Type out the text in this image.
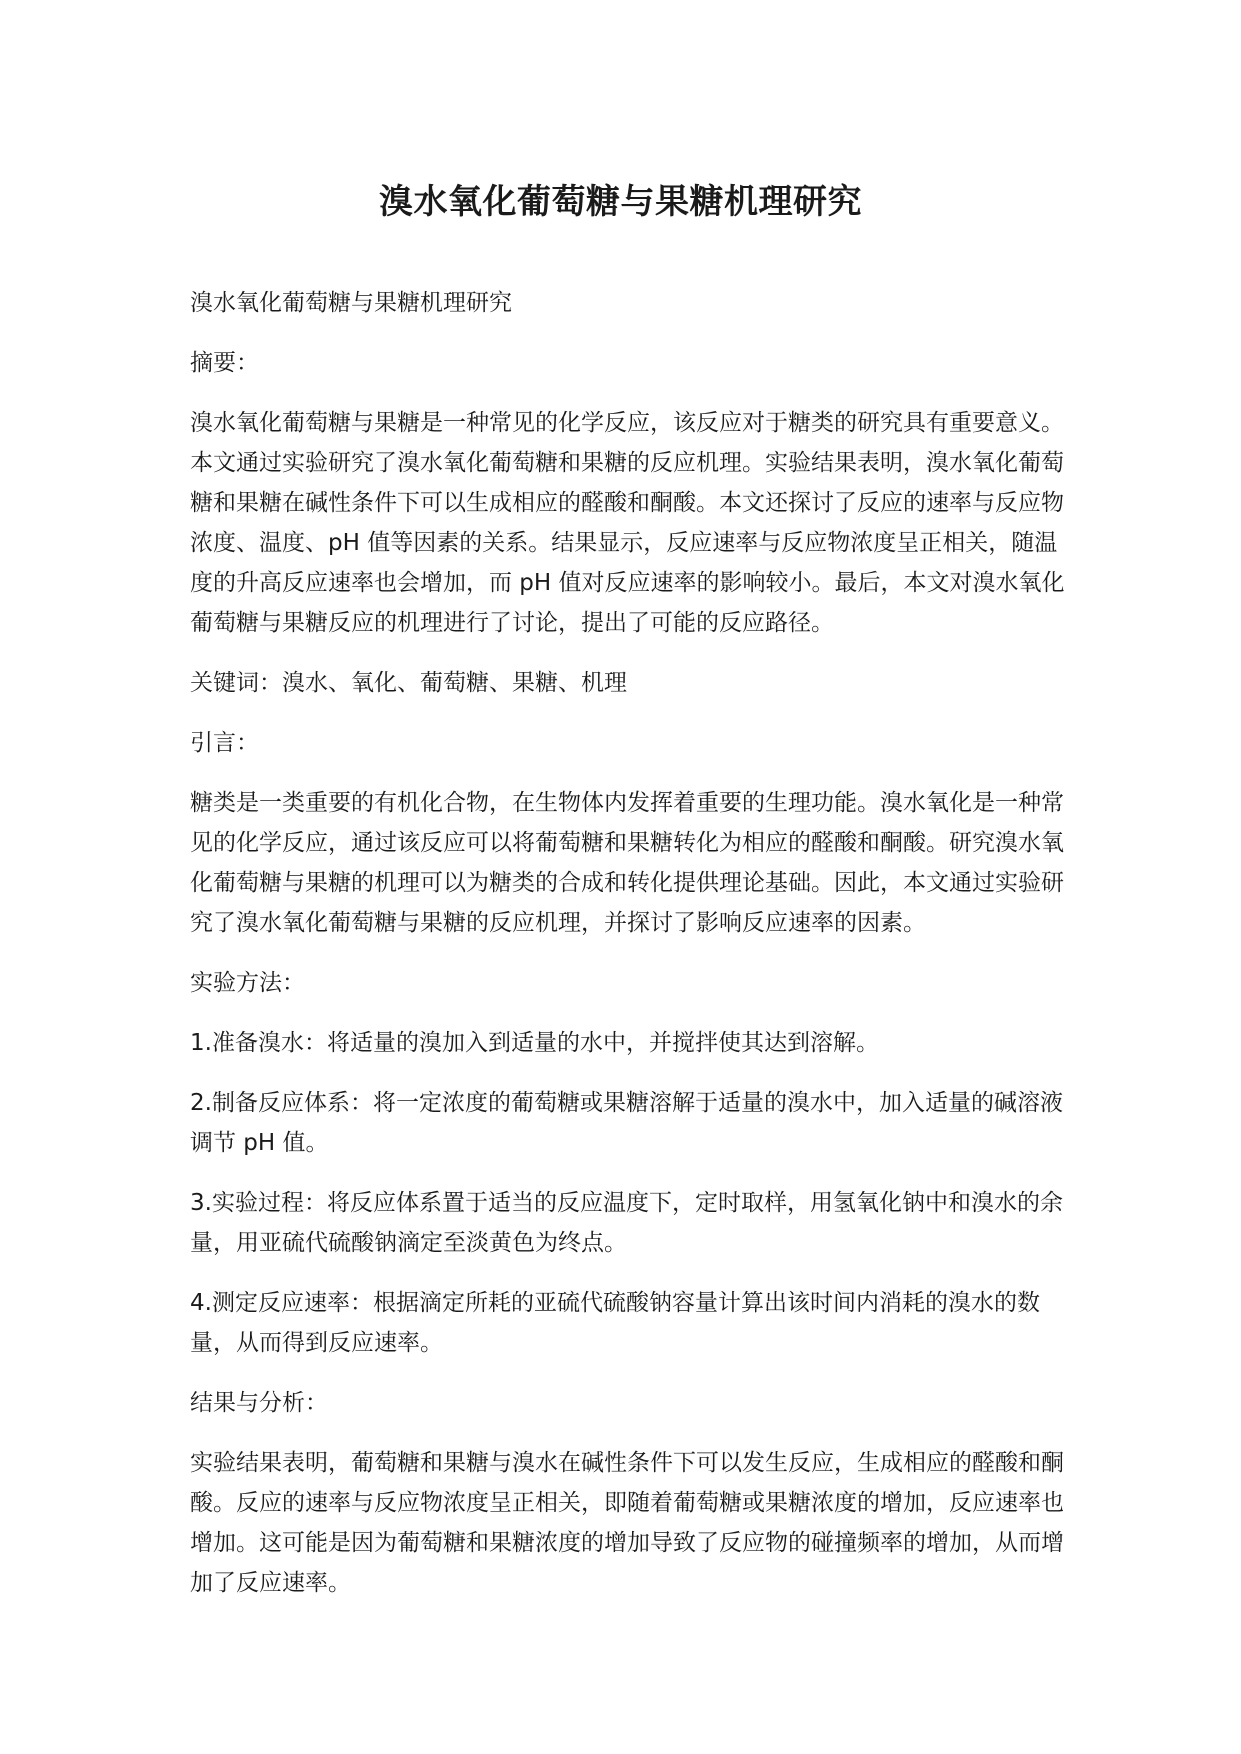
溴水氧化葡萄糖与果糖机理研究

溴水氧化葡萄糖与果糖机理研究

摘要：

溴水氧化葡萄糖与果糖是一种常见的化学反应，该反应对于糖类的研究具有重要意义。本文通过实验研究了溴水氧化葡萄糖和果糖的反应机理。实验结果表明，溴水氧化葡萄糖和果糖在碱性条件下可以生成相应的醛酸和酮酸。本文还探讨了反应的速率与反应物浓度、温度、pH 值等因素的关系。结果显示，反应速率与反应物浓度呈正相关，随温度的升高反应速率也会增加，而 pH 值对反应速率的影响较小。最后，本文对溴水氧化葡萄糖与果糖反应的机理进行了讨论，提出了可能的反应路径。

关键词：溴水、氧化、葡萄糖、果糖、机理

引言：

糖类是一类重要的有机化合物，在生物体内发挥着重要的生理功能。溴水氧化是一种常见的化学反应，通过该反应可以将葡萄糖和果糖转化为相应的醛酸和酮酸。研究溴水氧化葡萄糖与果糖的机理可以为糖类的合成和转化提供理论基础。因此，本文通过实验研究了溴水氧化葡萄糖与果糖的反应机理，并探讨了影响反应速率的因素。

实验方法：

1.准备溴水：将适量的溴加入到适量的水中，并搅拌使其达到溶解。

2.制备反应体系：将一定浓度的葡萄糖或果糖溶解于适量的溴水中，加入适量的碱溶液调节 pH 值。

3.实验过程：将反应体系置于适当的反应温度下，定时取样，用氢氧化钠中和溴水的余量，用亚硫代硫酸钠滴定至淡黄色为终点。

4.测定反应速率：根据滴定所耗的亚硫代硫酸钠容量计算出该时间内消耗的溴水的数量，从而得到反应速率。

结果与分析：

实验结果表明，葡萄糖和果糖与溴水在碱性条件下可以发生反应，生成相应的醛酸和酮酸。反应的速率与反应物浓度呈正相关，即随着葡萄糖或果糖浓度的增加，反应速率也增加。这可能是因为葡萄糖和果糖浓度的增加导致了反应物的碰撞频率的增加，从而增加了反应速率。
